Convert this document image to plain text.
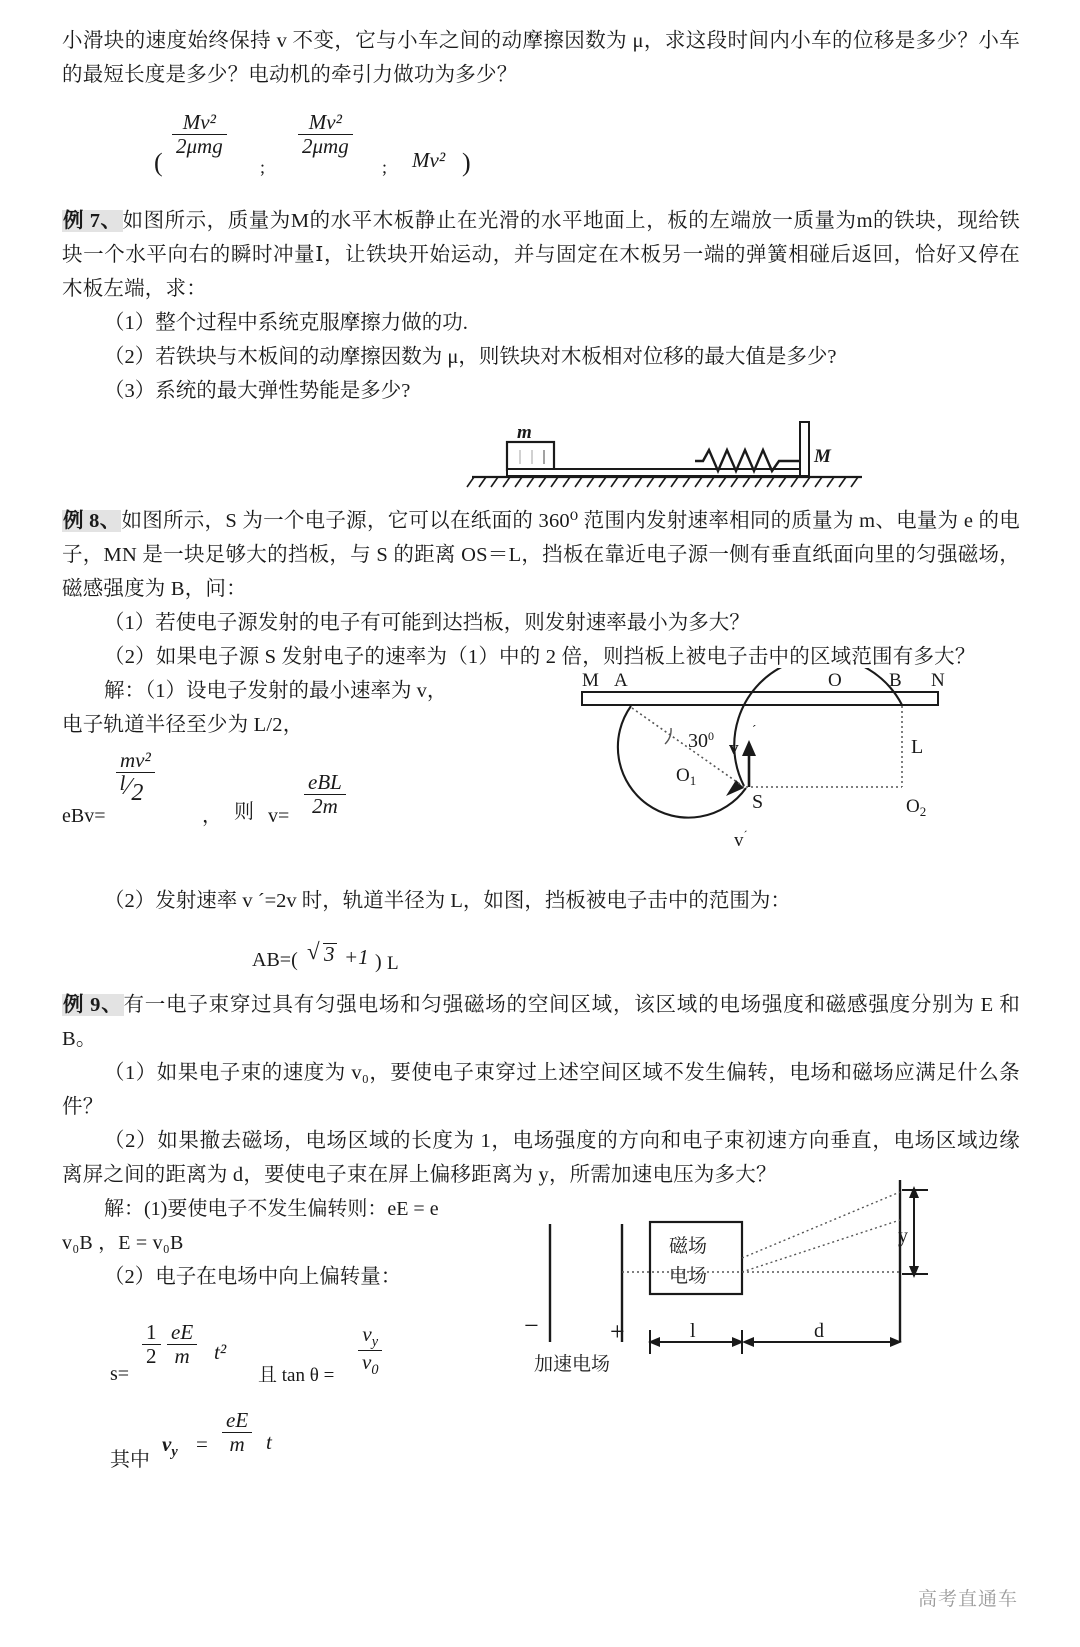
小滑块的速度始终保持 v 不变，它与小车之间的动摩擦因数为 μ，求这段时间内小车的位移是多少？小车的最短长度是多少？电动机的牵引力做功为多少？

(
Mv²
2μmg
;
Mv²
2μmg
; Mv² )

例 7、如图所示，质量为M的水平木板静止在光滑的水平地面上，板的左端放一质量为m的铁块，现给铁块一个水平向右的瞬时冲量Ⅰ，让铁块开始运动，并与固定在木板另一端的弹簧相碰后返回，恰好又停在木板左端，求：

（1）整个过程中系统克服摩擦力做的功.

（2）若铁块与木板间的动摩擦因数为 μ，则铁块对木板相对位移的最大值是多少?

（3）系统的最大弹性势能是多少?

m
M

例 8、如图所示，S 为一个电子源，它可以在纸面的 360⁰ 范围内发射速率相同的质量为 m、电量为 e 的电子，MN 是一块足够大的挡板，与 S 的距离 OS＝L，挡板在靠近电子源一侧有垂直纸面向里的匀强磁场，磁感强度为 B，问：

（1）若使电子源发射的电子有可能到达挡板，则发射速率最小为多大？

（2）如果电子源 S 发射电子的速率为（1）中的 2 倍，则挡板上被电子击中的区域范围有多大？

解：（1）设电子发射的最小速率为 v，

电子轨道半径至少为 L/2，

eBv=
$\frac{\text{mv²}}{l⁄2}$
， 则 v=
eBL
2m
M A	O B N
$30^0$
$O_1$
L
v
ˊ
S	$O_2$
$v^ˊ$

（2）发射速率 v ˊ=2v 时，轨道半径为 L，如图，挡板被电子击中的范围为：

AB=( √ 3 +1 ) L

例 9、有一电子束穿过具有匀强电场和匀强磁场的空间区域，该区域的电场强度和磁感强度分别为 E 和 B。

（1）如果电子束的速度为 v₀，要使电子束穿过上述空间区域不发生偏转，电场和磁场应满足什么条件？

（2）如果撤去磁场，电场区域的长度为 1，电场强度的方向和电子束初速方向垂直，电场区域边缘离屏之间的距离为 d，要使电子束在屏上偏移距离为 y，所需加速电压为多大？

解：(1)要使电子不发生偏转则：eE = e

v₀B ，E = v₀B

（2）电子在电场中向上偏转量：

s=
$\frac{1}{2} \frac{eE}{m} t^2$
且 $\tan \theta = \frac{v_y}{v_0}$
其中
$v_y = \frac{eE}{m}$ t
−	+
加速电场
磁场
电场
y
l	d
高考直通车
